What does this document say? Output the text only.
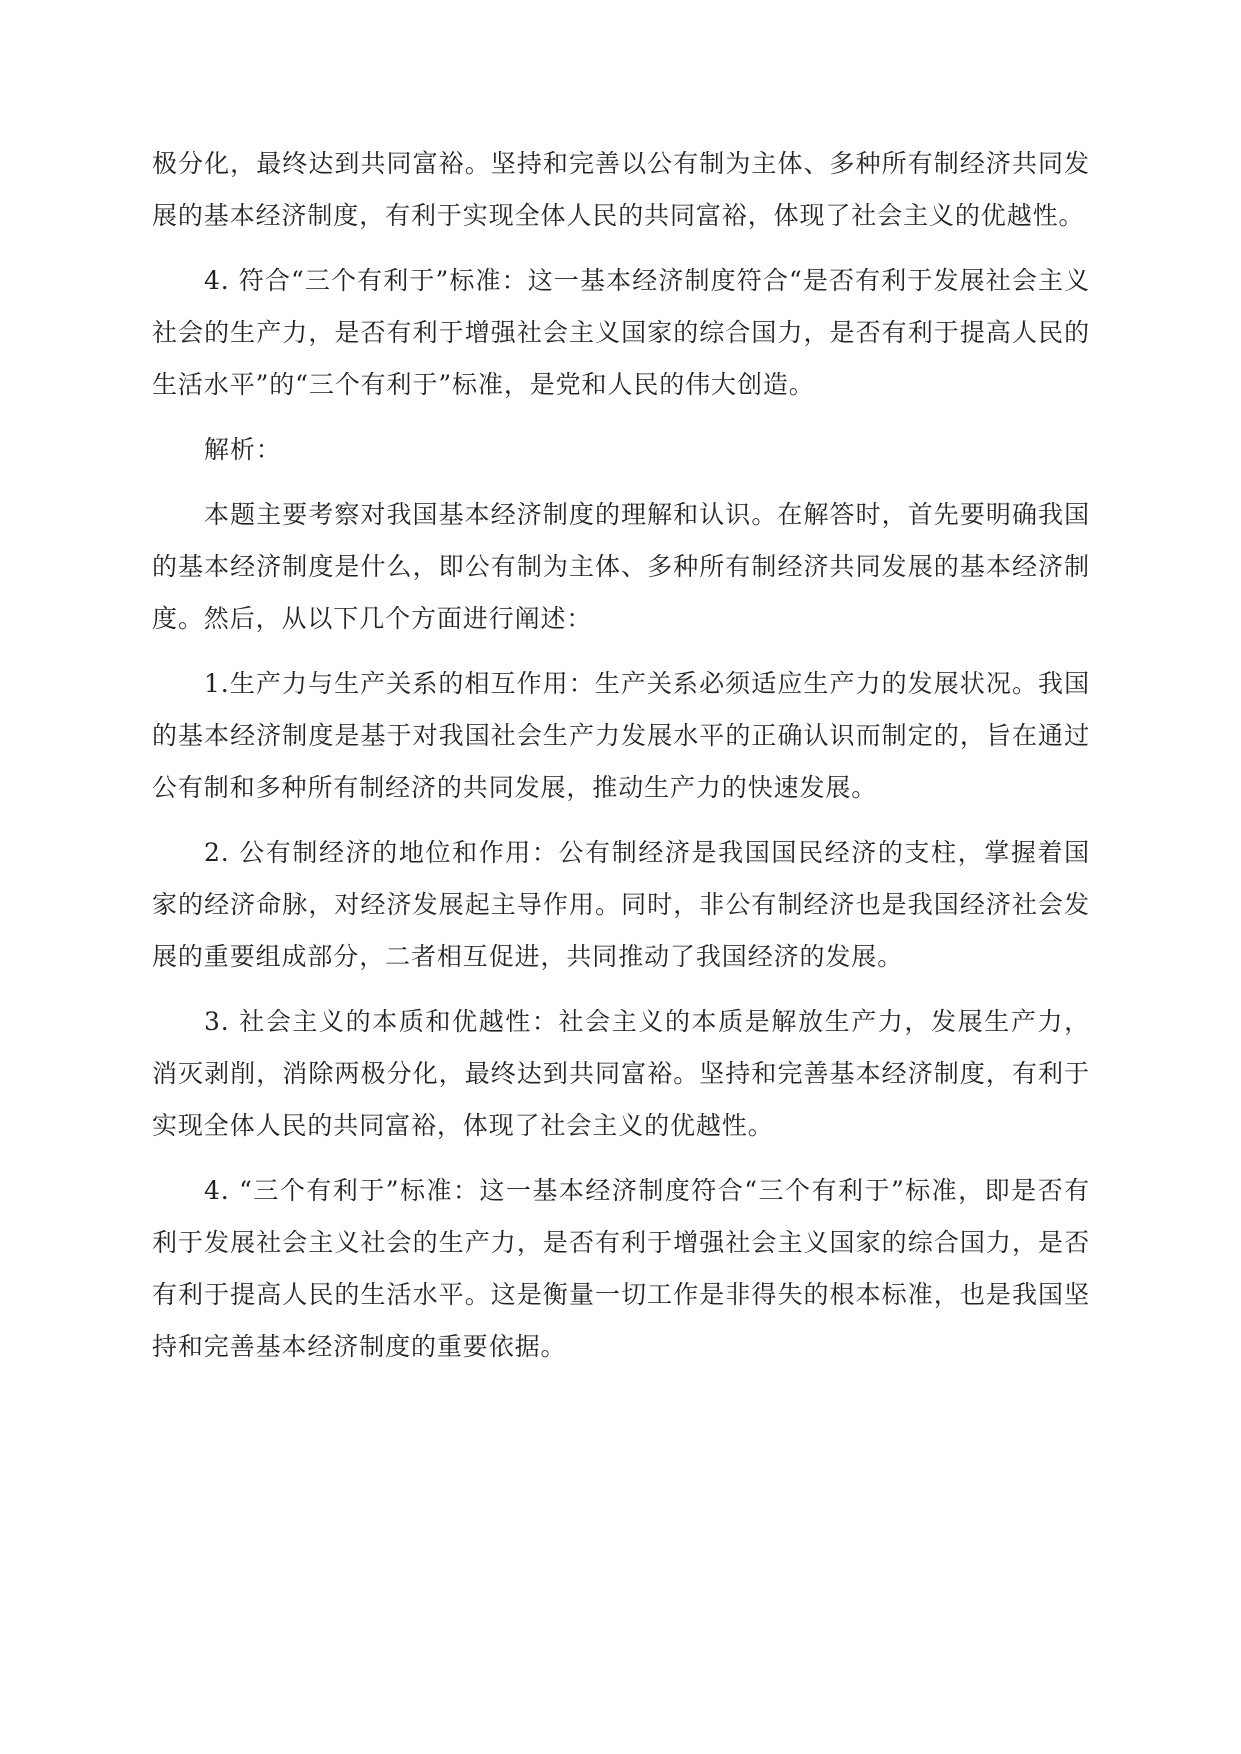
极分化，最终达到共同富裕。坚持和完善以公有制为主体、多种所有制经济共同发展的基本经济制度，有利于实现全体人民的共同富裕，体现了社会主义的优越性。

4. 符合“三个有利于”标准：这一基本经济制度符合“是否有利于发展社会主义社会的生产力，是否有利于增强社会主义国家的综合国力，是否有利于提高人民的生活水平”的“三个有利于”标准，是党和人民的伟大创造。

解析：

本题主要考察对我国基本经济制度的理解和认识。在解答时，首先要明确我国的基本经济制度是什么，即公有制为主体、多种所有制经济共同发展的基本经济制度。然后，从以下几个方面进行阐述：

1.生产力与生产关系的相互作用：生产关系必须适应生产力的发展状况。我国的基本经济制度是基于对我国社会生产力发展水平的正确认识而制定的，旨在通过公有制和多种所有制经济的共同发展，推动生产力的快速发展。

2. 公有制经济的地位和作用：公有制经济是我国国民经济的支柱，掌握着国家的经济命脉，对经济发展起主导作用。同时，非公有制经济也是我国经济社会发展的重要组成部分，二者相互促进，共同推动了我国经济的发展。

3. 社会主义的本质和优越性：社会主义的本质是解放生产力，发展生产力，消灭剥削，消除两极分化，最终达到共同富裕。坚持和完善基本经济制度，有利于实现全体人民的共同富裕，体现了社会主义的优越性。

4. “三个有利于”标准：这一基本经济制度符合“三个有利于”标准，即是否有利于发展社会主义社会的生产力，是否有利于增强社会主义国家的综合国力，是否有利于提高人民的生活水平。这是衡量一切工作是非得失的根本标准，也是我国坚持和完善基本经济制度的重要依据。
